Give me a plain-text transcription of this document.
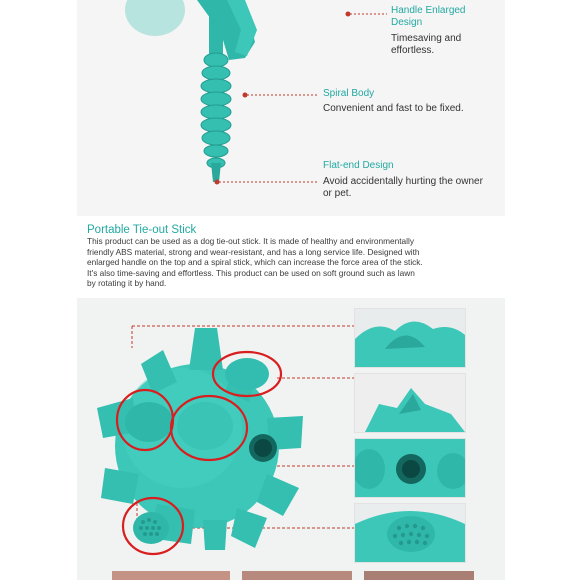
Handle Enlarged
Design
Timesaving and
effortless.
Spiral Body
Convenient and fast to be fixed.
Flat-end Design
Avoid accidentally hurting the owner
or pet.
Portable Tie-out Stick
This product can be used as a dog tie-out stick. It is made of healthy and environmentally
friendly ABS material, strong and wear-resistant, and has a long service life. Designed with
enlarged handle on the top and a spiral stick, which can increase the force area of the stick.
It's also time-saving and effortless. This product can be used on soft ground such as lawn
by rotating it by hand.
